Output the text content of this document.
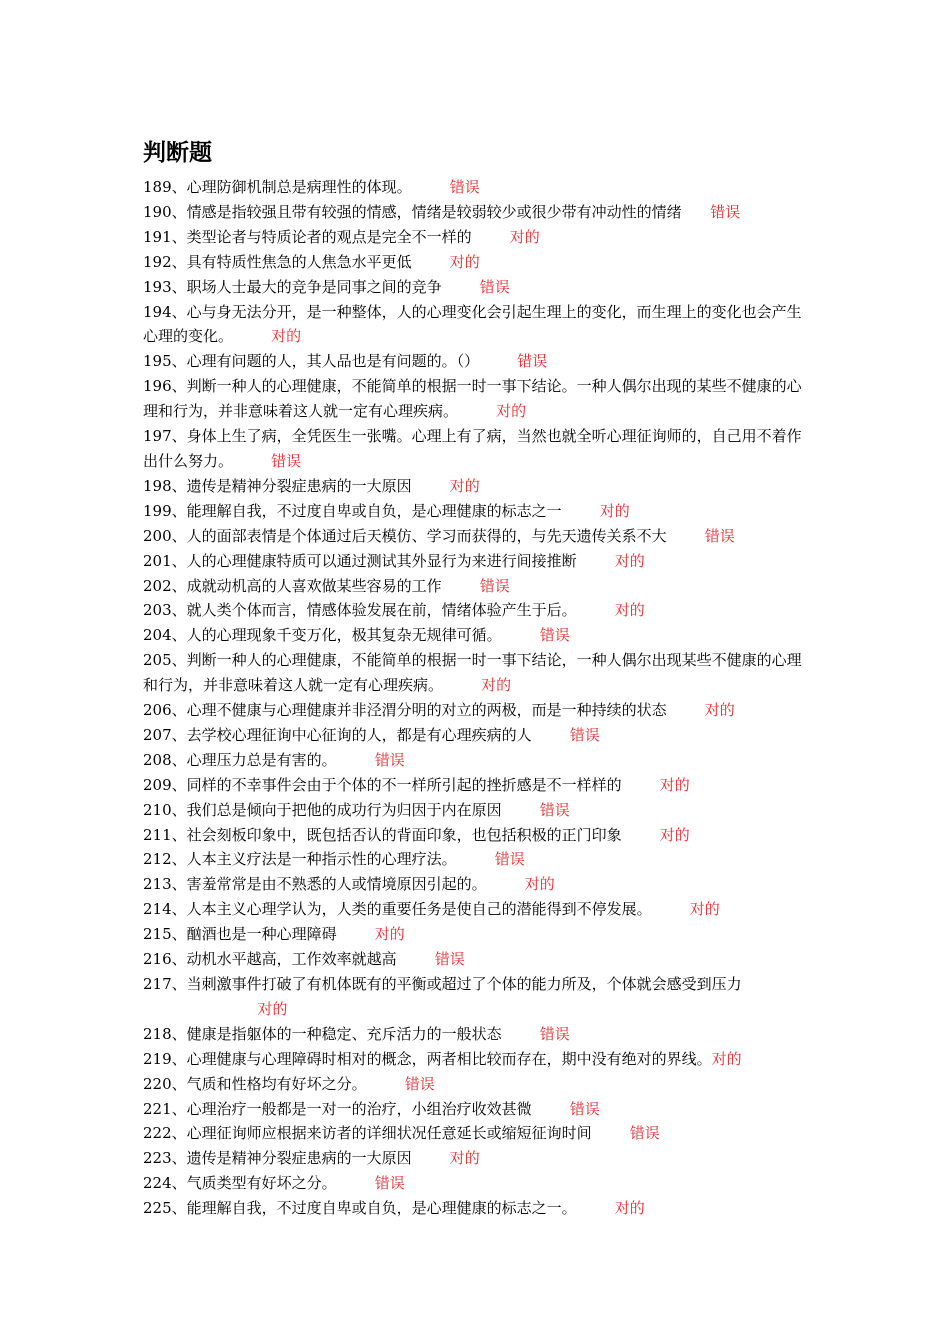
判断题
189、心理防御机制总是病理性的体现。	错误
190、情感是指较强且带有较强的情感，情绪是较弱较少或很少带有冲动性的情绪 错误
191、类型论者与特质论者的观点是完全不一样的	对的
192、具有特质性焦急的人焦急水平更低	对的
193、职场人士最大的竞争是同事之间的竞争	错误
194、心与身无法分开，是一种整体，人的心理变化会引起生理上的变化，而生理上的变化也会产生心理的变化。	对的
195、心理有问题的人，其人品也是有问题的。（）	错误
196、判断一种人的心理健康，不能简单的根据一时一事下结论。一种人偶尔出现的某些不健康的心理和行为，并非意味着这人就一定有心理疾病。	对的
197、身体上生了病，全凭医生一张嘴。心理上有了病，当然也就全听心理征询师的，自己用不着作出什么努力。	错误
198、遗传是精神分裂症患病的一大原因	对的
199、能理解自我，不过度自卑或自负，是心理健康的标志之一	对的
200、人的面部表情是个体通过后天模仿、学习而获得的，与先天遗传关系不大	错误
201、人的心理健康特质可以通过测试其外显行为来进行间接推断	对的
202、成就动机高的人喜欢做某些容易的工作	错误
203、就人类个体而言，情感体验发展在前，情绪体验产生于后。	对的
204、人的心理现象千变万化，极其复杂无规律可循。	错误
205、判断一种人的心理健康，不能简单的根据一时一事下结论，一种人偶尔出现某些不健康的心理和行为，并非意味着这人就一定有心理疾病。	对的
206、心理不健康与心理健康并非泾渭分明的对立的两极，而是一种持续的状态	对的
207、去学校心理征询中心征询的人，都是有心理疾病的人	错误
208、心理压力总是有害的。	错误
209、同样的不幸事件会由于个体的不一样所引起的挫折感是不一样样的	对的
210、我们总是倾向于把他的成功行为归因于内在原因	错误
211、社会刻板印象中，既包括否认的背面印象，也包括积极的正门印象	对的
212、人本主义疗法是一种指示性的心理疗法。	错误
213、害羞常常是由不熟悉的人或情境原因引起的。	对的
214、人本主义心理学认为，人类的重要任务是使自己的潜能得到不停发展。	对的
215、酗酒也是一种心理障碍	对的
216、动机水平越高，工作效率就越高	错误
217、当刺激事件打破了有机体既有的平衡或超过了个体的能力所及，个体就会感受到压力
对的
218、健康是指躯体的一种稳定、充斥活力的一般状态	错误
219、心理健康与心理障碍时相对的概念，两者相比较而存在，期中没有绝对的界线。对的
220、气质和性格均有好坏之分。	错误
221、心理治疗一般都是一对一的治疗，小组治疗收效甚微	错误
222、心理征询师应根据来访者的详细状况任意延长或缩短征询时间	错误
223、遗传是精神分裂症患病的一大原因	对的
224、气质类型有好坏之分。	错误
225、能理解自我，不过度自卑或自负，是心理健康的标志之一。	对的
